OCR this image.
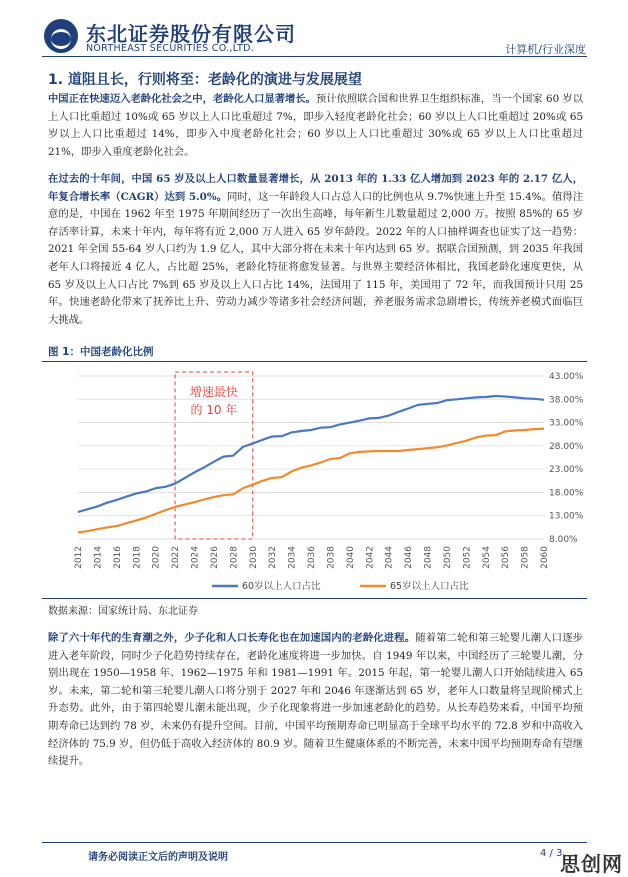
东北证券股份有限公司
NORTHEAST SECURITIES CO.,LTD.	计算机/行业深度
1. 道阻且长，行则将至：老龄化的演进与发展展望
中国正在快速迈入老龄化社会之中，老龄化人口显著增长。预计依照联合国和世界卫生组织标准，当一个国家 60 岁以上人口比重超过 10%或 65 岁以上人口比重超过 7%，即步入轻度老龄化社会；60 岁以上人口比重超过 20%或 65 岁以上人口比重超过 14%，即步入中度老龄化社会；60 岁以上人口比重超过 30%或 65 岁以上人口比重超过 21%，即步入重度老龄化社会。
在过去的十年间，中国 65 岁及以上人口数量显著增长，从 2013 年的 1.33 亿人增加到 2023 年的 2.17 亿人，年复合增长率（CAGR）达到 5.0%。同时，这一年龄段人口占总人口的比例也从 9.7%快速上升至 15.4%。值得注意的是，中国在 1962 年至 1975 年期间经历了一次出生高峰，每年新生儿数量超过 2,000 万。按照 85%的 65 岁存活率计算，未来十年内，每年将有近 2,000 万人进入 65 岁年龄段。2022 年的人口抽样调查也证实了这一趋势：2021 年全国 55-64 岁人口约为 1.9 亿人，其中大部分将在未来十年内达到 65 岁。据联合国预测，到 2035 年我国老年人口将接近 4 亿人，占比超 25%，老龄化特征将愈发显著。与世界主要经济体相比，我国老龄化速度更快，从 65 岁及以上人口占比 7%到 65 岁及以上人口占比 14%，法国用了 115 年，美国用了 72 年，而我国预计只用 25 年。快速老龄化带来了抚养比上升、劳动力减少等诸多社会经济问题，养老服务需求急剧增长，传统养老模式面临巨大挑战。
图 1：中国老龄化比例
8.00%
13.00%
18.00%
23.00%
28.00%
33.00%
38.00%
43.00%
2012 2014 2016 2018 2020 2022 2024 2026 2028 2030 2032 2034 2036 2038 2040 2042 2044 2046 2048 2050 2052 2054 2056 2058 2060
增速最快
的 10 年
60岁以上人口占比	65岁以上人口占比
数据来源：国家统计局、东北证券
除了六十年代的生育潮之外，少子化和人口长寿化也在加速国内的老龄化进程。随着第二轮和第三轮婴儿潮人口逐步进入老年阶段，同时少子化趋势持续存在，老龄化速度将进一步加快。自 1949 年以来，中国经历了三轮婴儿潮，分别出现在 1950—1958 年、1962—1975 年和 1981—1991 年。2015 年起，第一轮婴儿潮人口开始陆续进入 65 岁。未来，第二轮和第三轮婴儿潮人口将分别于 2027 年和 2046 年逐渐达到 65 岁，老年人口数量将呈现阶梯式上升态势。此外，由于第四轮婴儿潮未能出现，少子化现象将进一步加速老龄化的趋势。从长寿趋势来看，中国平均预期寿命已达到约 78 岁，未来仍有提升空间。目前，中国平均预期寿命已明显高于全球平均水平的 72.8 岁和中高收入经济体的 75.9 岁，但仍低于高收入经济体的 80.9 岁。随着卫生健康体系的不断完善，未来中国平均预期寿命有望继续提升。
请务必阅读正文后的声明及说明	4 / 3
思创网
